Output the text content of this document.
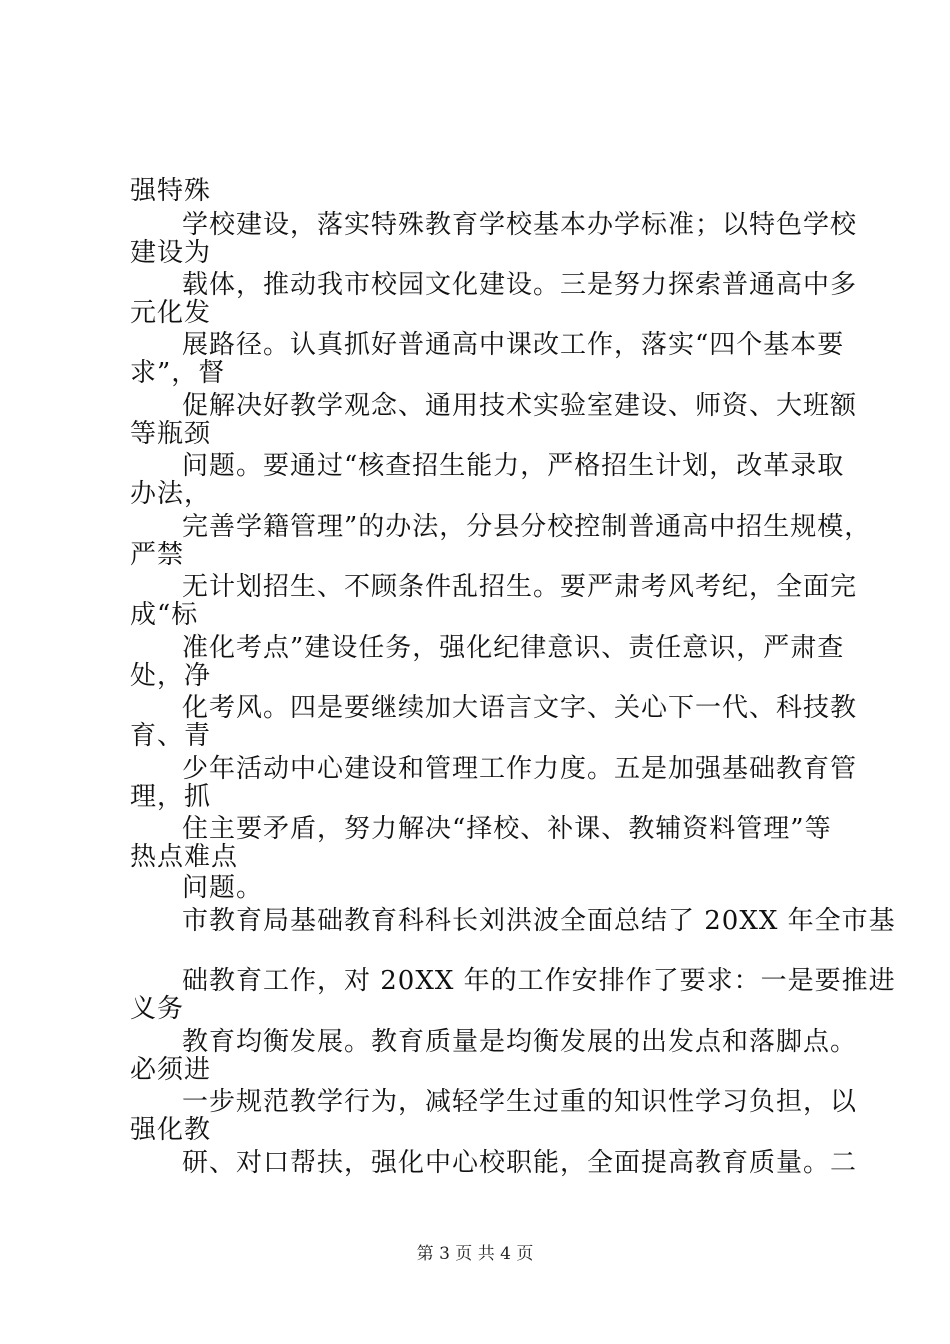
强特殊
学校建设，落实特殊教育学校基本办学标准；以特色学校
建设为
载体，推动我市校园文化建设。三是努力探索普通高中多
元化发
展路径。认真抓好普通高中课改工作，落实“四个基本要
求”，督
促解决好教学观念、通用技术实验室建设、师资、大班额
等瓶颈
问题。要通过“核查招生能力，严格招生计划，改革录取
办法，
完善学籍管理”的办法，分县分校控制普通高中招生规模，
严禁
无计划招生、不顾条件乱招生。要严肃考风考纪，全面完
成“标
准化考点”建设任务，强化纪律意识、责任意识，严肃查
处，净
化考风。四是要继续加大语言文字、关心下一代、科技教
育、青
少年活动中心建设和管理工作力度。五是加强基础教育管
理，抓
住主要矛盾，努力解决“择校、补课、教辅资料管理”等
热点难点
问题。
市教育局基础教育科科长刘洪波全面总结了 20XX 年全市基
础教育工作，对 20XX 年的工作安排作了要求：一是要推进
义务
教育均衡发展。教育质量是均衡发展的出发点和落脚点。
必须进
一步规范教学行为，减轻学生过重的知识性学习负担，以
强化教
研、对口帮扶，强化中心校职能，全面提高教育质量。二
第 3 页 共 4 页
